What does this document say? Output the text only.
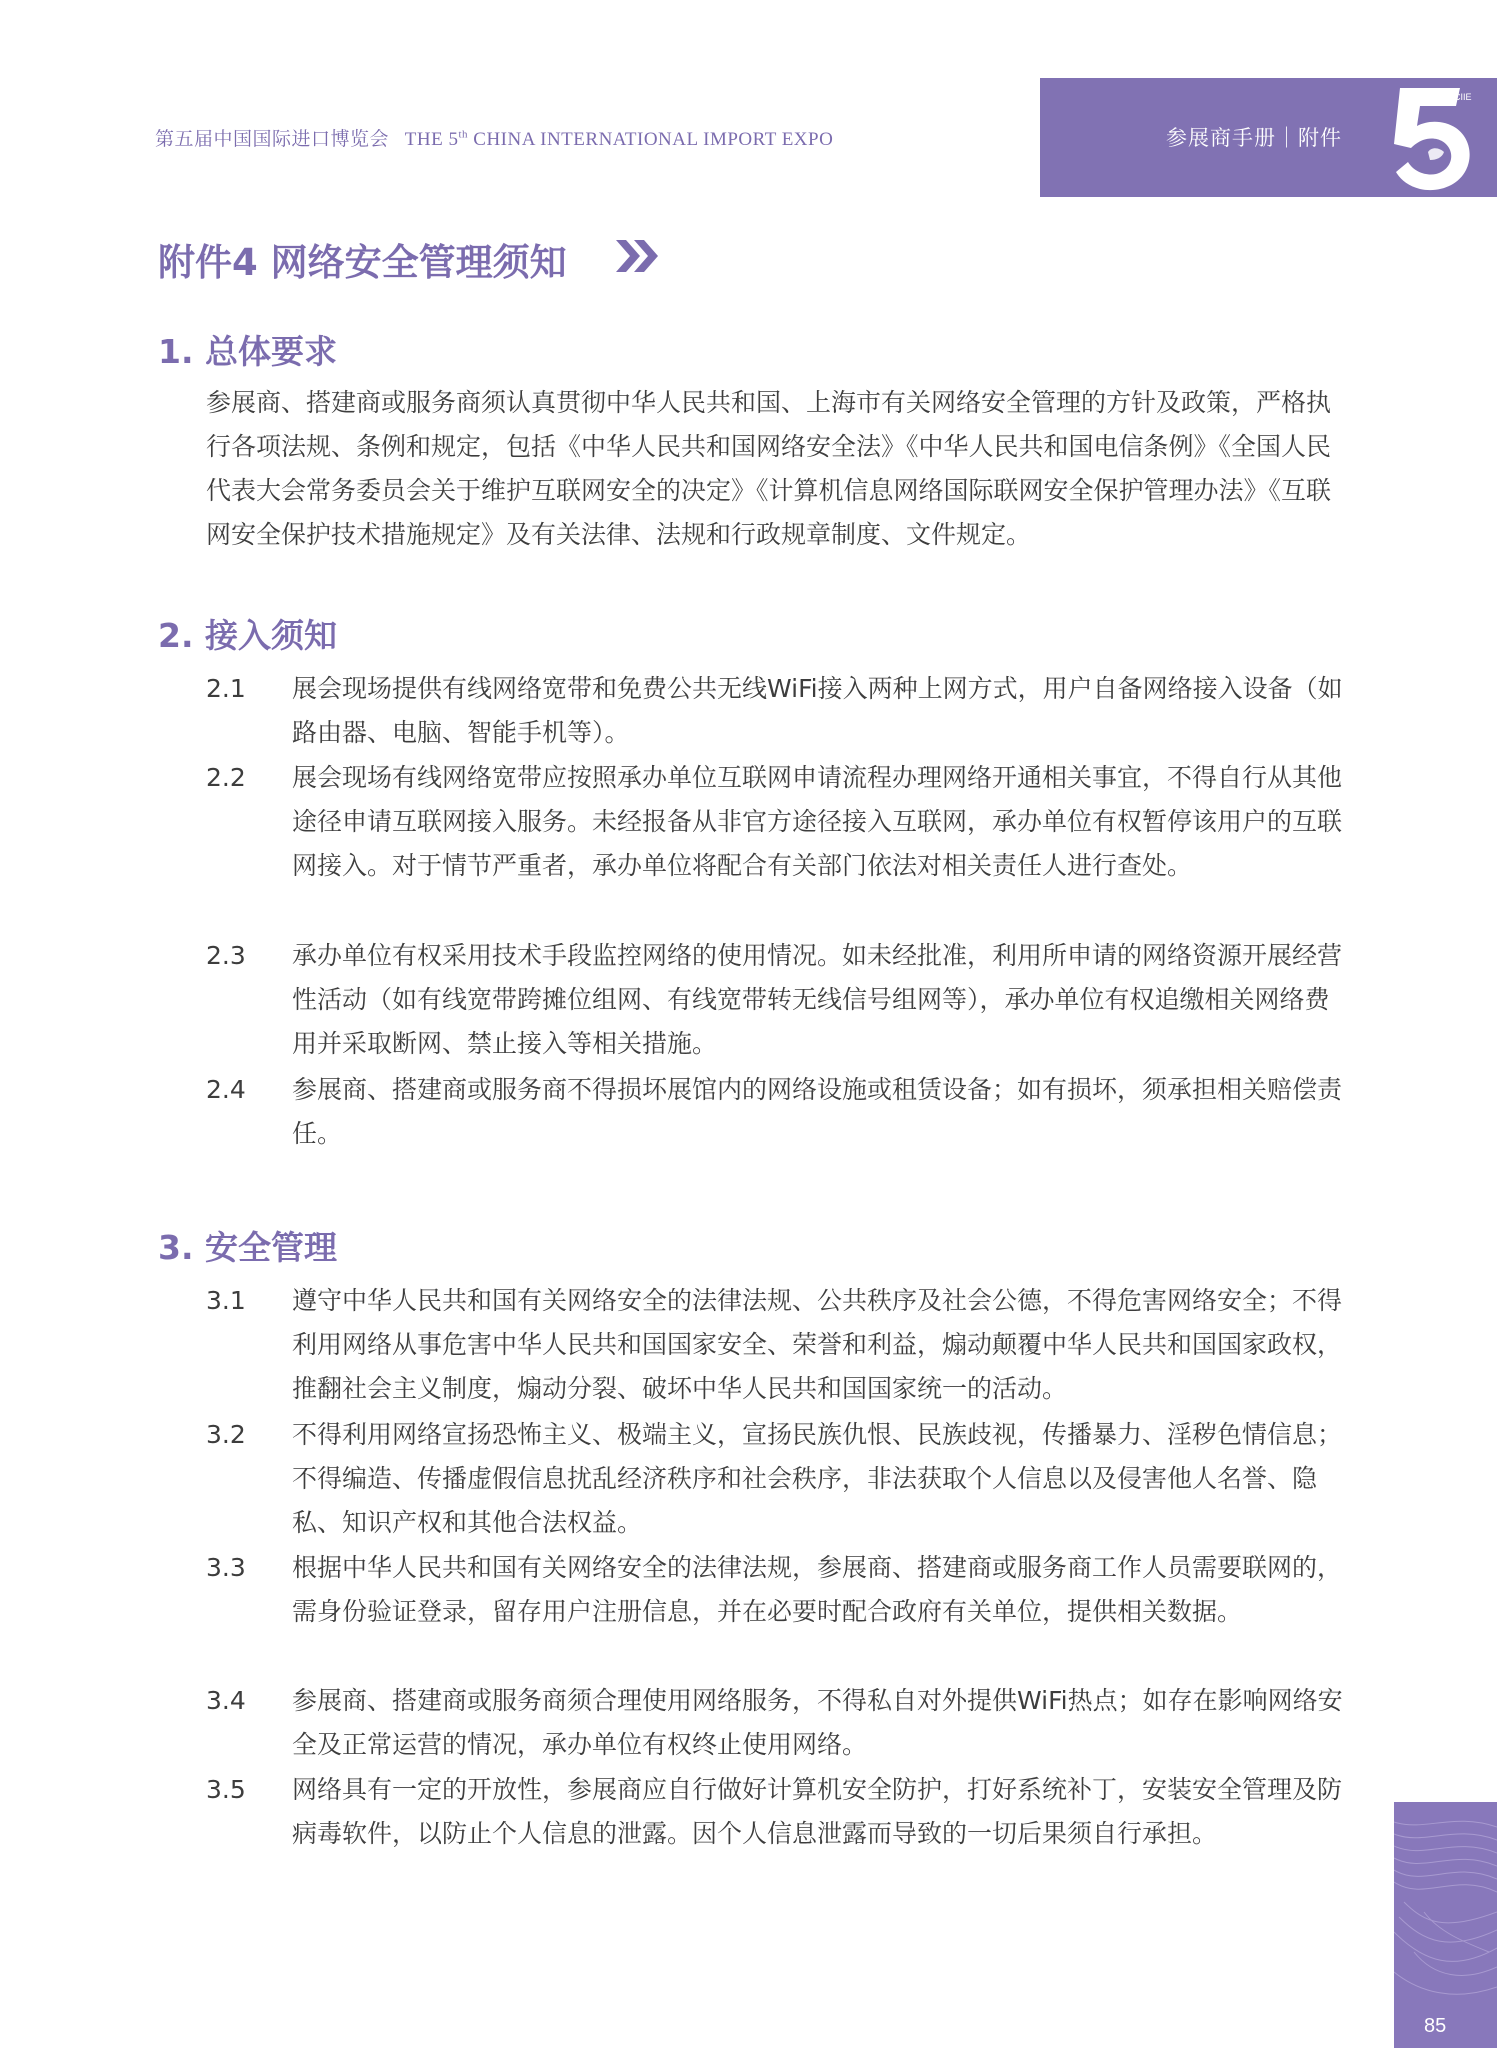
第五届中国国际进口博览会 THE 5th CHINA INTERNATIONAL IMPORT EXPO	参展商手册｜附件
CIIE
附件4 网络安全管理须知
1. 总体要求
参展商、搭建商或服务商须认真贯彻中华人民共和国、上海市有关网络安全管理的方针及政策，严格执行各项法规、条例和规定，包括《中华人民共和国网络安全法》《中华人民共和国电信条例》《全国人民代表大会常务委员会关于维护互联网安全的决定》《计算机信息网络国际联网安全保护管理办法》《互联网安全保护技术措施规定》及有关法律、法规和行政规章制度、文件规定。
2. 接入须知
2.1 展会现场提供有线网络宽带和免费公共无线WiFi接入两种上网方式，用户自备网络接入设备（如路由器、电脑、智能手机等）。
2.2 展会现场有线网络宽带应按照承办单位互联网申请流程办理网络开通相关事宜，不得自行从其他途径申请互联网接入服务。未经报备从非官方途径接入互联网，承办单位有权暂停该用户的互联网接入。对于情节严重者，承办单位将配合有关部门依法对相关责任人进行查处。
2.3 承办单位有权采用技术手段监控网络的使用情况。如未经批准，利用所申请的网络资源开展经营性活动（如有线宽带跨摊位组网、有线宽带转无线信号组网等），承办单位有权追缴相关网络费用并采取断网、禁止接入等相关措施。
2.4 参展商、搭建商或服务商不得损坏展馆内的网络设施或租赁设备；如有损坏，须承担相关赔偿责任。
3. 安全管理
3.1 遵守中华人民共和国有关网络安全的法律法规、公共秩序及社会公德，不得危害网络安全；不得利用网络从事危害中华人民共和国国家安全、荣誉和利益，煽动颠覆中华人民共和国国家政权，推翻社会主义制度，煽动分裂、破坏中华人民共和国国家统一的活动。
3.2 不得利用网络宣扬恐怖主义、极端主义，宣扬民族仇恨、民族歧视，传播暴力、淫秽色情信息；不得编造、传播虚假信息扰乱经济秩序和社会秩序，非法获取个人信息以及侵害他人名誉、隐私、知识产权和其他合法权益。
3.3 根据中华人民共和国有关网络安全的法律法规，参展商、搭建商或服务商工作人员需要联网的，需身份验证登录，留存用户注册信息，并在必要时配合政府有关单位，提供相关数据。
3.4 参展商、搭建商或服务商须合理使用网络服务，不得私自对外提供WiFi热点；如存在影响网络安全及正常运营的情况，承办单位有权终止使用网络。
3.5 网络具有一定的开放性，参展商应自行做好计算机安全防护，打好系统补丁，安装安全管理及防病毒软件，以防止个人信息的泄露。因个人信息泄露而导致的一切后果须自行承担。
85
